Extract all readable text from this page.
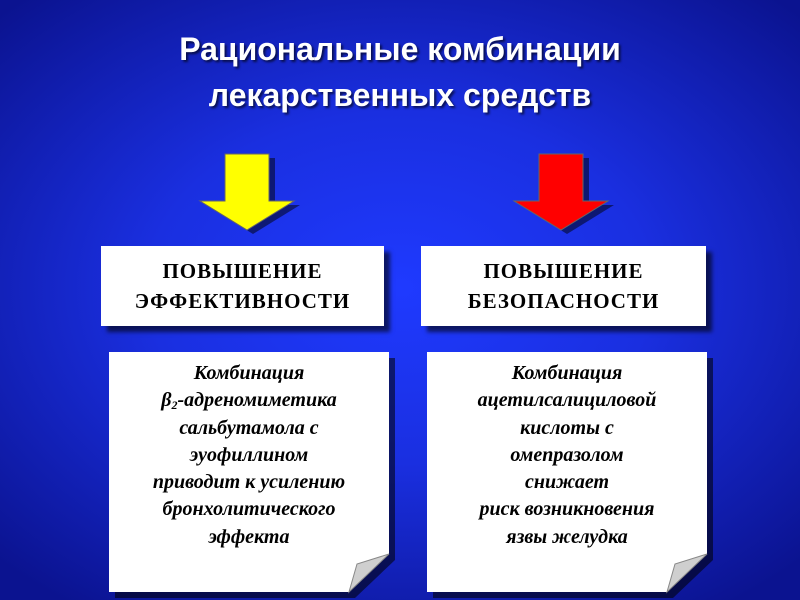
Рациональные комбинации
лекарственных средств
ПОВЫШЕНИЕ
ЭФФЕКТИВНОСТИ
ПОВЫШЕНИЕ
БЕЗОПАСНОСТИ
Комбинация
$\beta_2$-адреномиметика
сальбутамола с
эуофиллином
приводит к усилению
бронхолитического
эффекта
Комбинация
ацетилсалициловой
кислоты с
омепразолом
снижает
риск возникновения
язвы желудка
